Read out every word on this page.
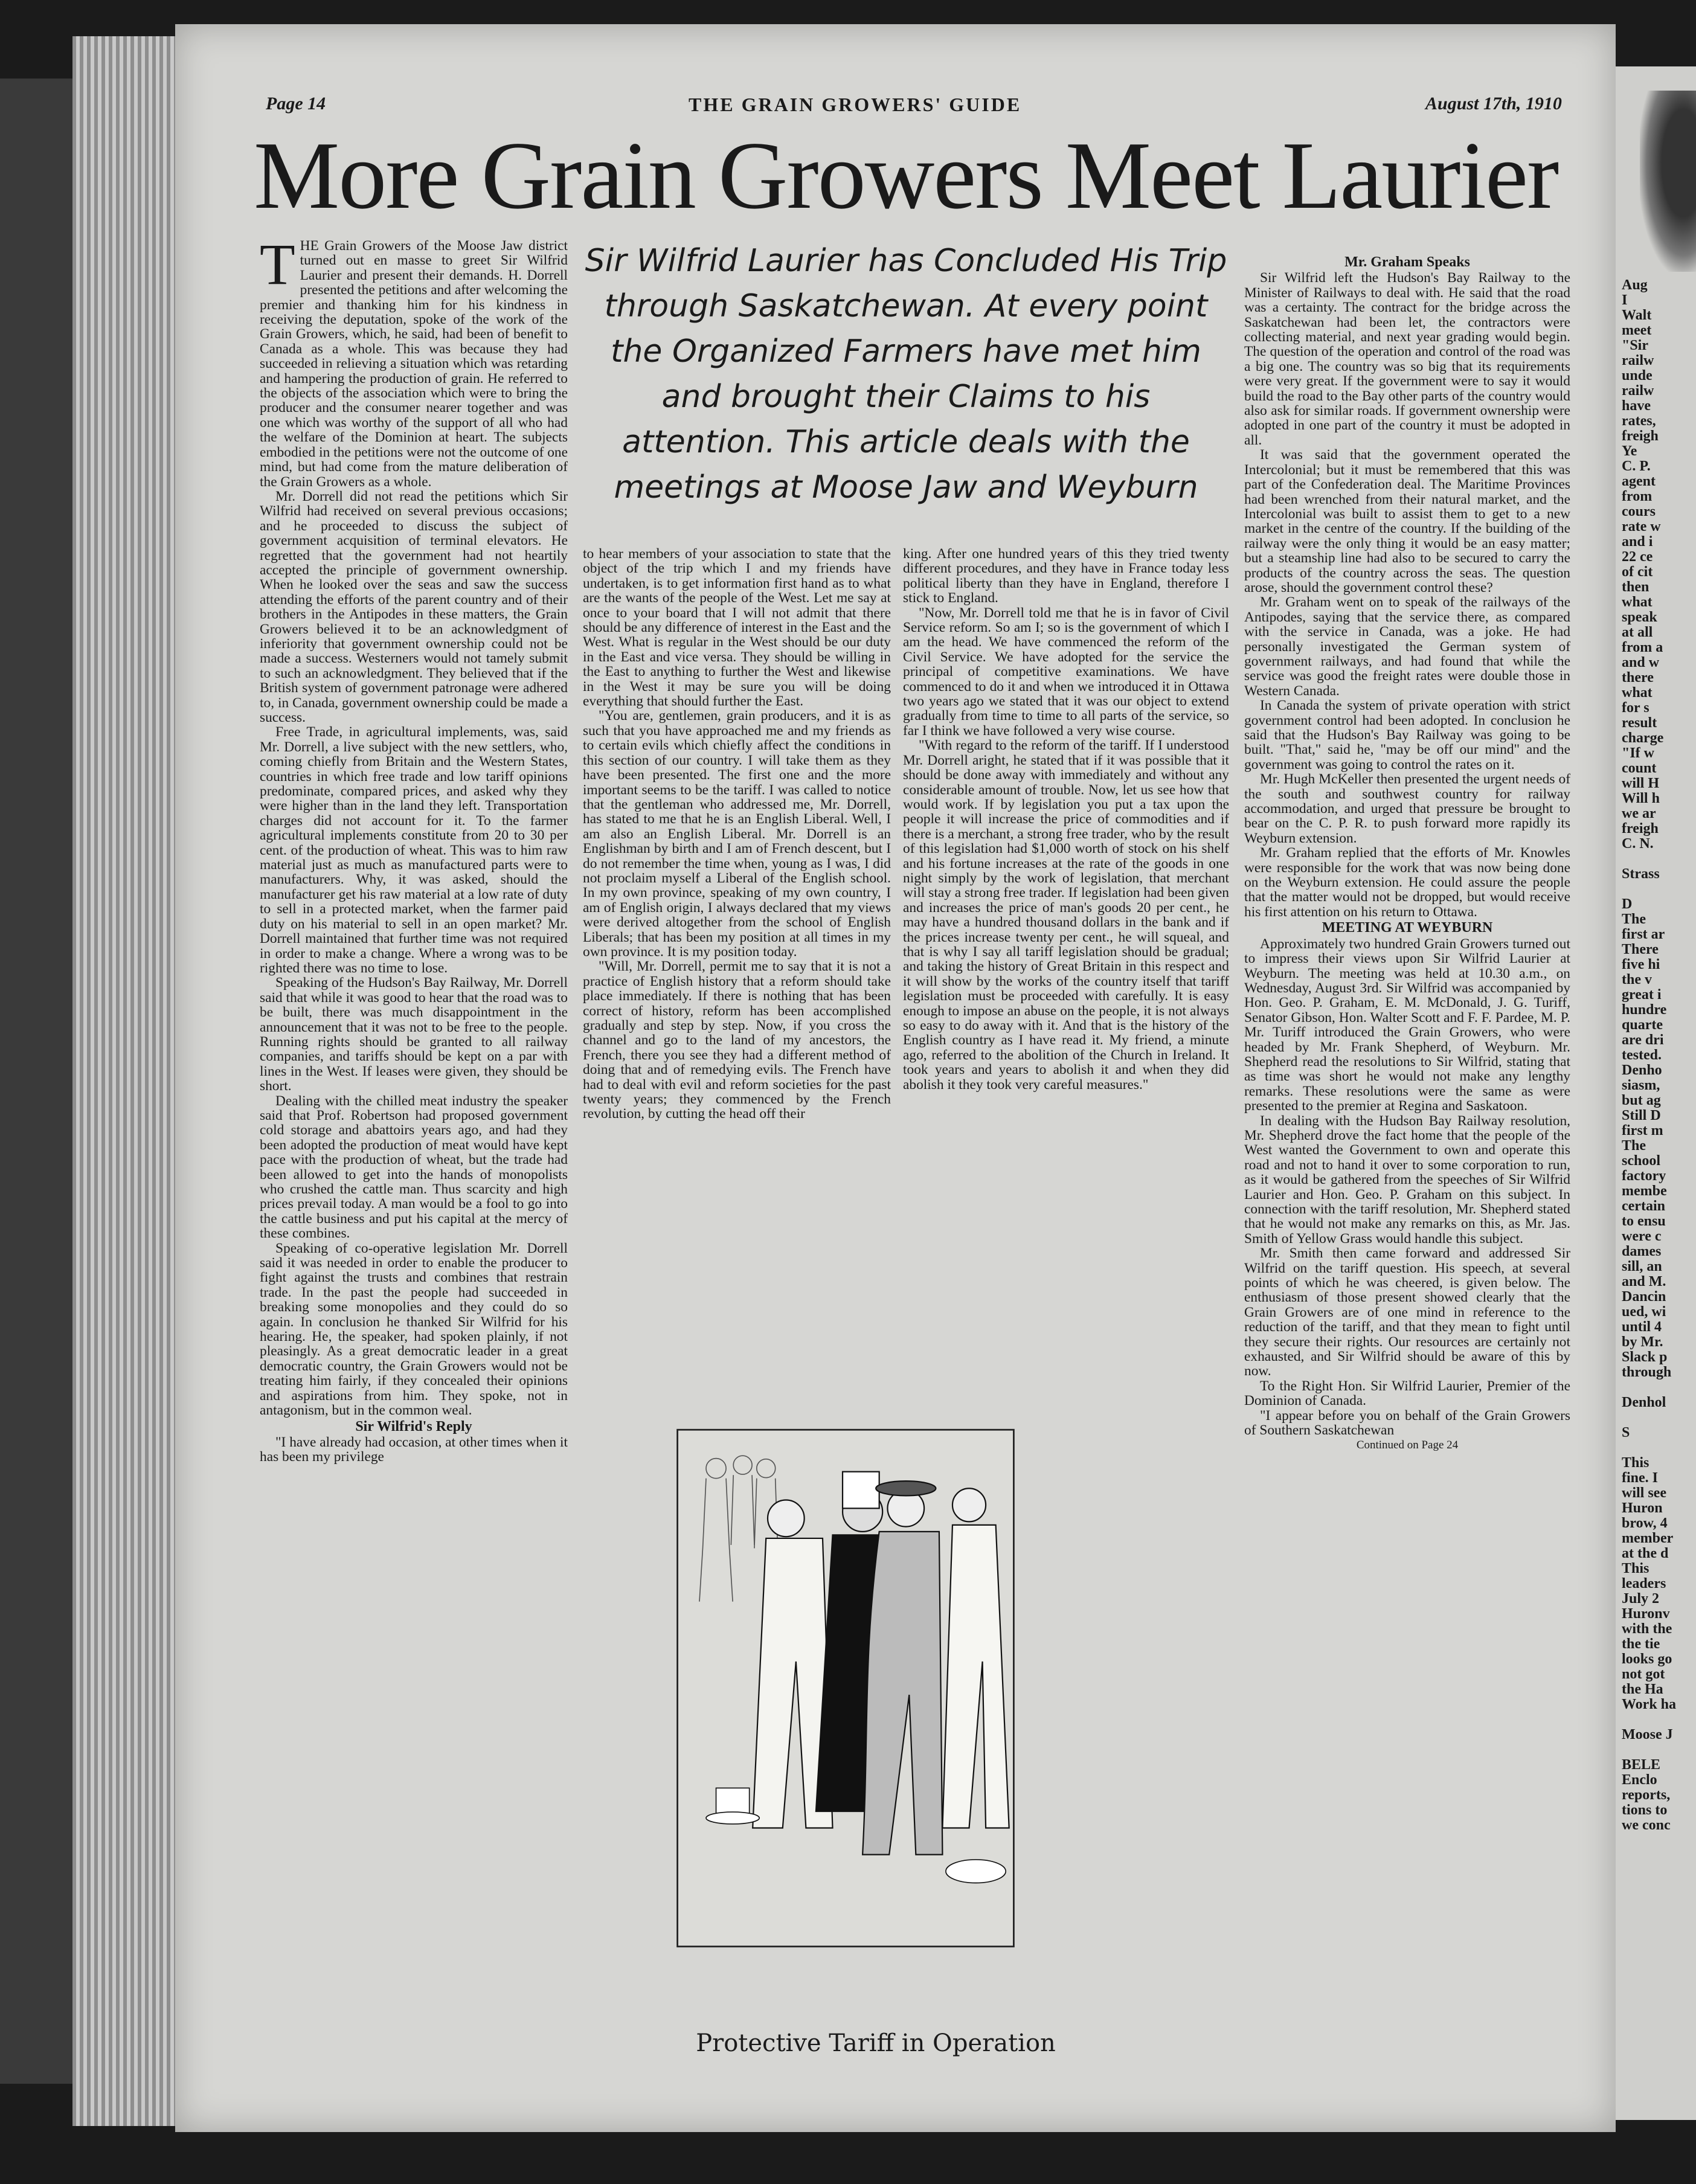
Aug
I
Walt
meet
"Sir
railw
unde
railw
have
rates,
freigh
Ye
C. P.
agent
from
cours
rate w
and i
22 ce
of cit
then
what
speak
at all
from a
and w
there
what
for s
result
charge
"If w
count
will H
Will h
we ar
freigh
C. N.

Strass

D
The
first ar
There
five hi
the v
great i
hundre
quarte
are dri
tested.
Denho
siasm,
but ag
Still D
first m
The
school
factory
membe
certain
to ensu
were c
dames
sill, an
and M.
Dancin
ued, wi
until 4
by Mr.
Slack p
through

Denhol

S

This
fine. I
will see
Huron
brow, 4
member
at the d
This
leaders
July 2
Huronv
with the
the tie
looks go
not got
the Ha
Work ha

Moose J

BELE
Enclo
reports,
tions to
we conc
Page 14	THE GRAIN GROWERS' GUIDE	August 17th, 1910
More Grain Growers Meet Laurier
Sir Wilfrid Laurier has Concluded His Trip through Saskatchewan. At every point the Organized Farmers have met him and brought their Claims to his attention. This article deals with the meetings at Moose Jaw and Weyburn

THE Grain Growers of the Moose Jaw district turned out en masse to greet Sir Wilfrid Laurier and present their demands. H. Dorrell presented the petitions and after welcoming the premier and thanking him for his kindness in receiving the deputation, spoke of the work of the Grain Growers, which, he said, had been of benefit to Canada as a whole. This was because they had succeeded in relieving a situation which was retarding and hampering the production of grain. He referred to the objects of the association which were to bring the producer and the consumer nearer together and was one which was worthy of the support of all who had the welfare of the Dominion at heart. The subjects embodied in the petitions were not the outcome of one mind, but had come from the mature deliberation of the Grain Growers as a whole.

Mr. Dorrell did not read the petitions which Sir Wilfrid had received on several previous occasions; and he proceeded to discuss the subject of government acquisition of terminal elevators. He regretted that the government had not heartily accepted the principle of government ownership. When he looked over the seas and saw the success attending the efforts of the parent country and of their brothers in the Antipodes in these matters, the Grain Growers believed it to be an acknowledgment of inferiority that government ownership could not be made a success. Westerners would not tamely submit to such an acknowledgment. They believed that if the British system of government patronage were adhered to, in Canada, government ownership could be made a success.

Free Trade, in agricultural implements, was, said Mr. Dorrell, a live subject with the new settlers, who, coming chiefly from Britain and the Western States, countries in which free trade and low tariff opinions predominate, compared prices, and asked why they were higher than in the land they left. Transportation charges did not account for it. To the farmer agricultural implements constitute from 20 to 30 per cent. of the production of wheat. This was to him raw material just as much as manufactured parts were to manufacturers. Why, it was asked, should the manufacturer get his raw material at a low rate of duty to sell in a protected market, when the farmer paid duty on his material to sell in an open market? Mr. Dorrell maintained that further time was not required in order to make a change. Where a wrong was to be righted there was no time to lose.

Speaking of the Hudson's Bay Railway, Mr. Dorrell said that while it was good to hear that the road was to be built, there was much disappointment in the announcement that it was not to be free to the people. Running rights should be granted to all railway companies, and tariffs should be kept on a par with lines in the West. If leases were given, they should be short.

Dealing with the chilled meat industry the speaker said that Prof. Robertson had proposed government cold storage and abattoirs years ago, and had they been adopted the production of meat would have kept pace with the production of wheat, but the trade had been allowed to get into the hands of monopolists who crushed the cattle man. Thus scarcity and high prices prevail today. A man would be a fool to go into the cattle business and put his capital at the mercy of these combines.

Speaking of co-operative legislation Mr. Dorrell said it was needed in order to enable the producer to fight against the trusts and combines that restrain trade. In the past the people had succeeded in breaking some monopolies and they could do so again. In conclusion he thanked Sir Wilfrid for his hearing. He, the speaker, had spoken plainly, if not pleasingly. As a great democratic leader in a great democratic country, the Grain Growers would not be treating him fairly, if they concealed their opinions and aspirations from him. They spoke, not in antagonism, but in the common weal.

Sir Wilfrid's Reply

"I have already had occasion, at other times when it has been my privilege

to hear members of your association to state that the object of the trip which I and my friends have undertaken, is to get information first hand as to what are the wants of the people of the West. Let me say at once to your board that I will not admit that there should be any difference of interest in the East and the West. What is regular in the West should be our duty in the East and vice versa. They should be willing in the East to anything to further the West and likewise in the West it may be sure you will be doing everything that should further the East.

"You are, gentlemen, grain producers, and it is as such that you have approached me and my friends as to certain evils which chiefly affect the conditions in this section of our country. I will take them as they have been presented. The first one and the more important seems to be the tariff. I was called to notice that the gentleman who addressed me, Mr. Dorrell, has stated to me that he is an English Liberal. Well, I am also an English Liberal. Mr. Dorrell is an Englishman by birth and I am of French descent, but I do not remember the time when, young as I was, I did not proclaim myself a Liberal of the English school. In my own province, speaking of my own country, I am of English origin, I always declared that my views were derived altogether from the school of English Liberals; that has been my position at all times in my own province. It is my position today.

"Will, Mr. Dorrell, permit me to say that it is not a practice of English history that a reform should take place immediately. If there is nothing that has been correct of history, reform has been accomplished gradually and step by step. Now, if you cross the channel and go to the land of my ancestors, the French, there you see they had a different method of doing that and of remedying evils. The French have had to deal with evil and reform societies for the past twenty years; they commenced by the French revolution, by cutting the head off their

king. After one hundred years of this they tried twenty different procedures, and they have in France today less political liberty than they have in England, therefore I stick to England.

"Now, Mr. Dorrell told me that he is in favor of Civil Service reform. So am I; so is the government of which I am the head. We have commenced the reform of the Civil Service. We have adopted for the service the principal of competitive examinations. We have commenced to do it and when we introduced it in Ottawa two years ago we stated that it was our object to extend gradually from time to time to all parts of the service, so far I think we have followed a very wise course.

"With regard to the reform of the tariff. If I understood Mr. Dorrell aright, he stated that if it was possible that it should be done away with immediately and without any considerable amount of trouble. Now, let us see how that would work. If by legislation you put a tax upon the people it will increase the price of commodities and if there is a merchant, a strong free trader, who by the result of this legislation had $1,000 worth of stock on his shelf and his fortune increases at the rate of the goods in one night simply by the work of legislation, that merchant will stay a strong free trader. If legislation had been given and increases the price of man's goods 20 per cent., he may have a hundred thousand dollars in the bank and if the prices increase twenty per cent., he will squeal, and that is why I say all tariff legislation should be gradual; and taking the history of Great Britain in this respect and it will show by the works of the country itself that tariff legislation must be proceeded with carefully. It is easy enough to impose an abuse on the people, it is not always so easy to do away with it. And that is the history of the English country as I have read it. My friend, a minute ago, referred to the abolition of the Church in Ireland. It took years and years to abolish it and when they did abolish it they took very careful measures."

Mr. Graham Speaks

Sir Wilfrid left the Hudson's Bay Railway to the Minister of Railways to deal with. He said that the road was a certainty. The contract for the bridge across the Saskatchewan had been let, the contractors were collecting material, and next year grading would begin. The question of the operation and control of the road was a big one. The country was so big that its requirements were very great. If the government were to say it would build the road to the Bay other parts of the country would also ask for similar roads. If government ownership were adopted in one part of the country it must be adopted in all.

It was said that the government operated the Intercolonial; but it must be remembered that this was part of the Confederation deal. The Maritime Provinces had been wrenched from their natural market, and the Intercolonial was built to assist them to get to a new market in the centre of the country. If the building of the railway were the only thing it would be an easy matter; but a steamship line had also to be secured to carry the products of the country across the seas. The question arose, should the government control these?

Mr. Graham went on to speak of the railways of the Antipodes, saying that the service there, as compared with the service in Canada, was a joke. He had personally investigated the German system of government railways, and had found that while the service was good the freight rates were double those in Western Canada.

In Canada the system of private operation with strict government control had been adopted. In conclusion he said that the Hudson's Bay Railway was going to be built. "That," said he, "may be off our mind" and the government was going to control the rates on it.

Mr. Hugh McKeller then presented the urgent needs of the south and southwest country for railway accommodation, and urged that pressure be brought to bear on the C. P. R. to push forward more rapidly its Weyburn extension.

Mr. Graham replied that the efforts of Mr. Knowles were responsible for the work that was now being done on the Weyburn extension. He could assure the people that the matter would not be dropped, but would receive his first attention on his return to Ottawa.

MEETING AT WEYBURN

Approximately two hundred Grain Growers turned out to impress their views upon Sir Wilfrid Laurier at Weyburn. The meeting was held at 10.30 a.m., on Wednesday, August 3rd. Sir Wilfrid was accompanied by Hon. Geo. P. Graham, E. M. McDonald, J. G. Turiff, Senator Gibson, Hon. Walter Scott and F. F. Pardee, M. P. Mr. Turiff introduced the Grain Growers, who were headed by Mr. Frank Shepherd, of Weyburn. Mr. Shepherd read the resolutions to Sir Wilfrid, stating that as time was short he would not make any lengthy remarks. These resolutions were the same as were presented to the premier at Regina and Saskatoon.

In dealing with the Hudson Bay Railway resolution, Mr. Shepherd drove the fact home that the people of the West wanted the Government to own and operate this road and not to hand it over to some corporation to run, as it would be gathered from the speeches of Sir Wilfrid Laurier and Hon. Geo. P. Graham on this subject. In connection with the tariff resolution, Mr. Shepherd stated that he would not make any remarks on this, as Mr. Jas. Smith of Yellow Grass would handle this subject.

Mr. Smith then came forward and addressed Sir Wilfrid on the tariff question. His speech, at several points of which he was cheered, is given below. The enthusiasm of those present showed clearly that the Grain Growers are of one mind in reference to the reduction of the tariff, and that they mean to fight until they secure their rights. Our resources are certainly not exhausted, and Sir Wilfrid should be aware of this by now.

To the Right Hon. Sir Wilfrid Laurier, Premier of the Dominion of Canada.

"I appear before you on behalf of the Grain Growers of Southern Saskatchewan

Continued on Page 24

Protective Tariff in Operation
